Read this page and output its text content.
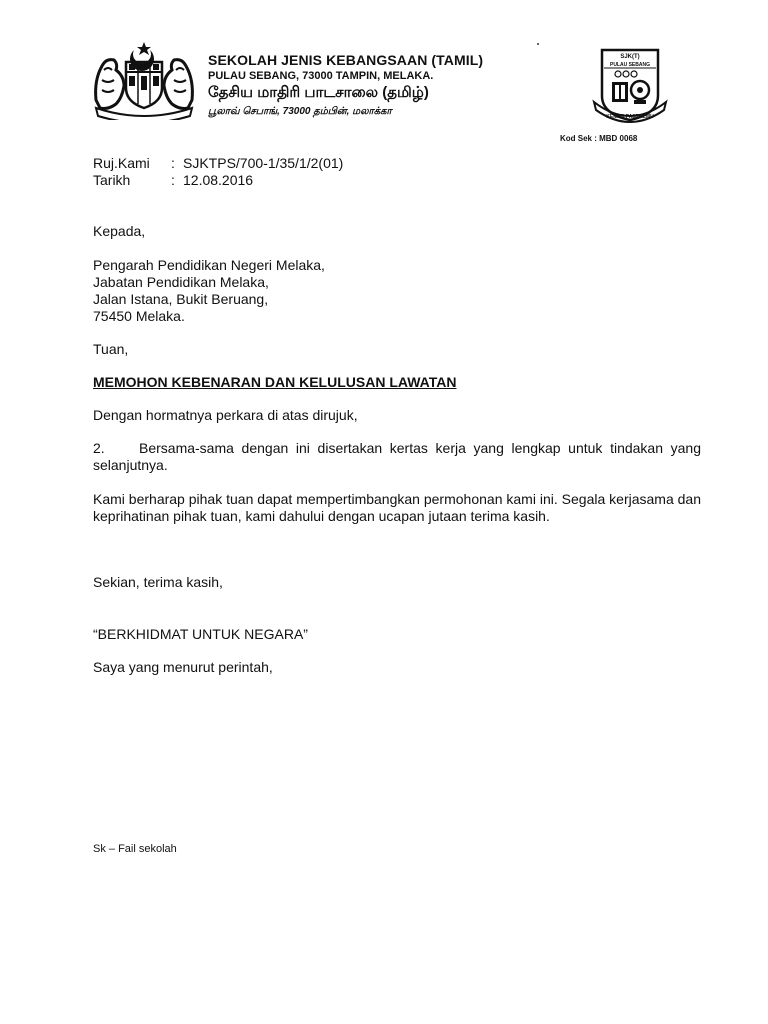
SEKOLAH JENIS KEBANGSAAN (TAMIL)
PULAU SEBANG, 73000 TAMPIN, MELAKA.
தேசிய மாதிரி பாடசாலை (தமிழ்)
பூலாவ் செபாங், 73000 தம்பின், மலாக்கா
SJK(T)
PULAU SEBANG
KEMAS PASTI ILMU
Kod Sek : MBD 0068
Ruj.Kami : SJKTPS/700-1/35/1/2(01)
Tarikh	: 12.08.2016
Kepada,
Pengarah Pendidikan Negeri Melaka,
Jabatan Pendidikan Melaka,
Jalan Istana, Bukit Beruang,
75450 Melaka.
Tuan,
MEMOHON KEBENARAN DAN KELULUSAN LAWATAN
Dengan hormatnya perkara di atas dirujuk,
2. Bersama-sama dengan ini disertakan kertas kerja yang lengkap untuk tindakan yang selanjutnya.
Kami berharap pihak tuan dapat mempertimbangkan permohonan kami ini. Segala kerjasama dan keprihatinan pihak tuan, kami dahului dengan ucapan jutaan terima kasih.
Sekian, terima kasih,
“BERKHIDMAT UNTUK NEGARA”
Saya yang menurut perintah,
Sk – Fail sekolah
